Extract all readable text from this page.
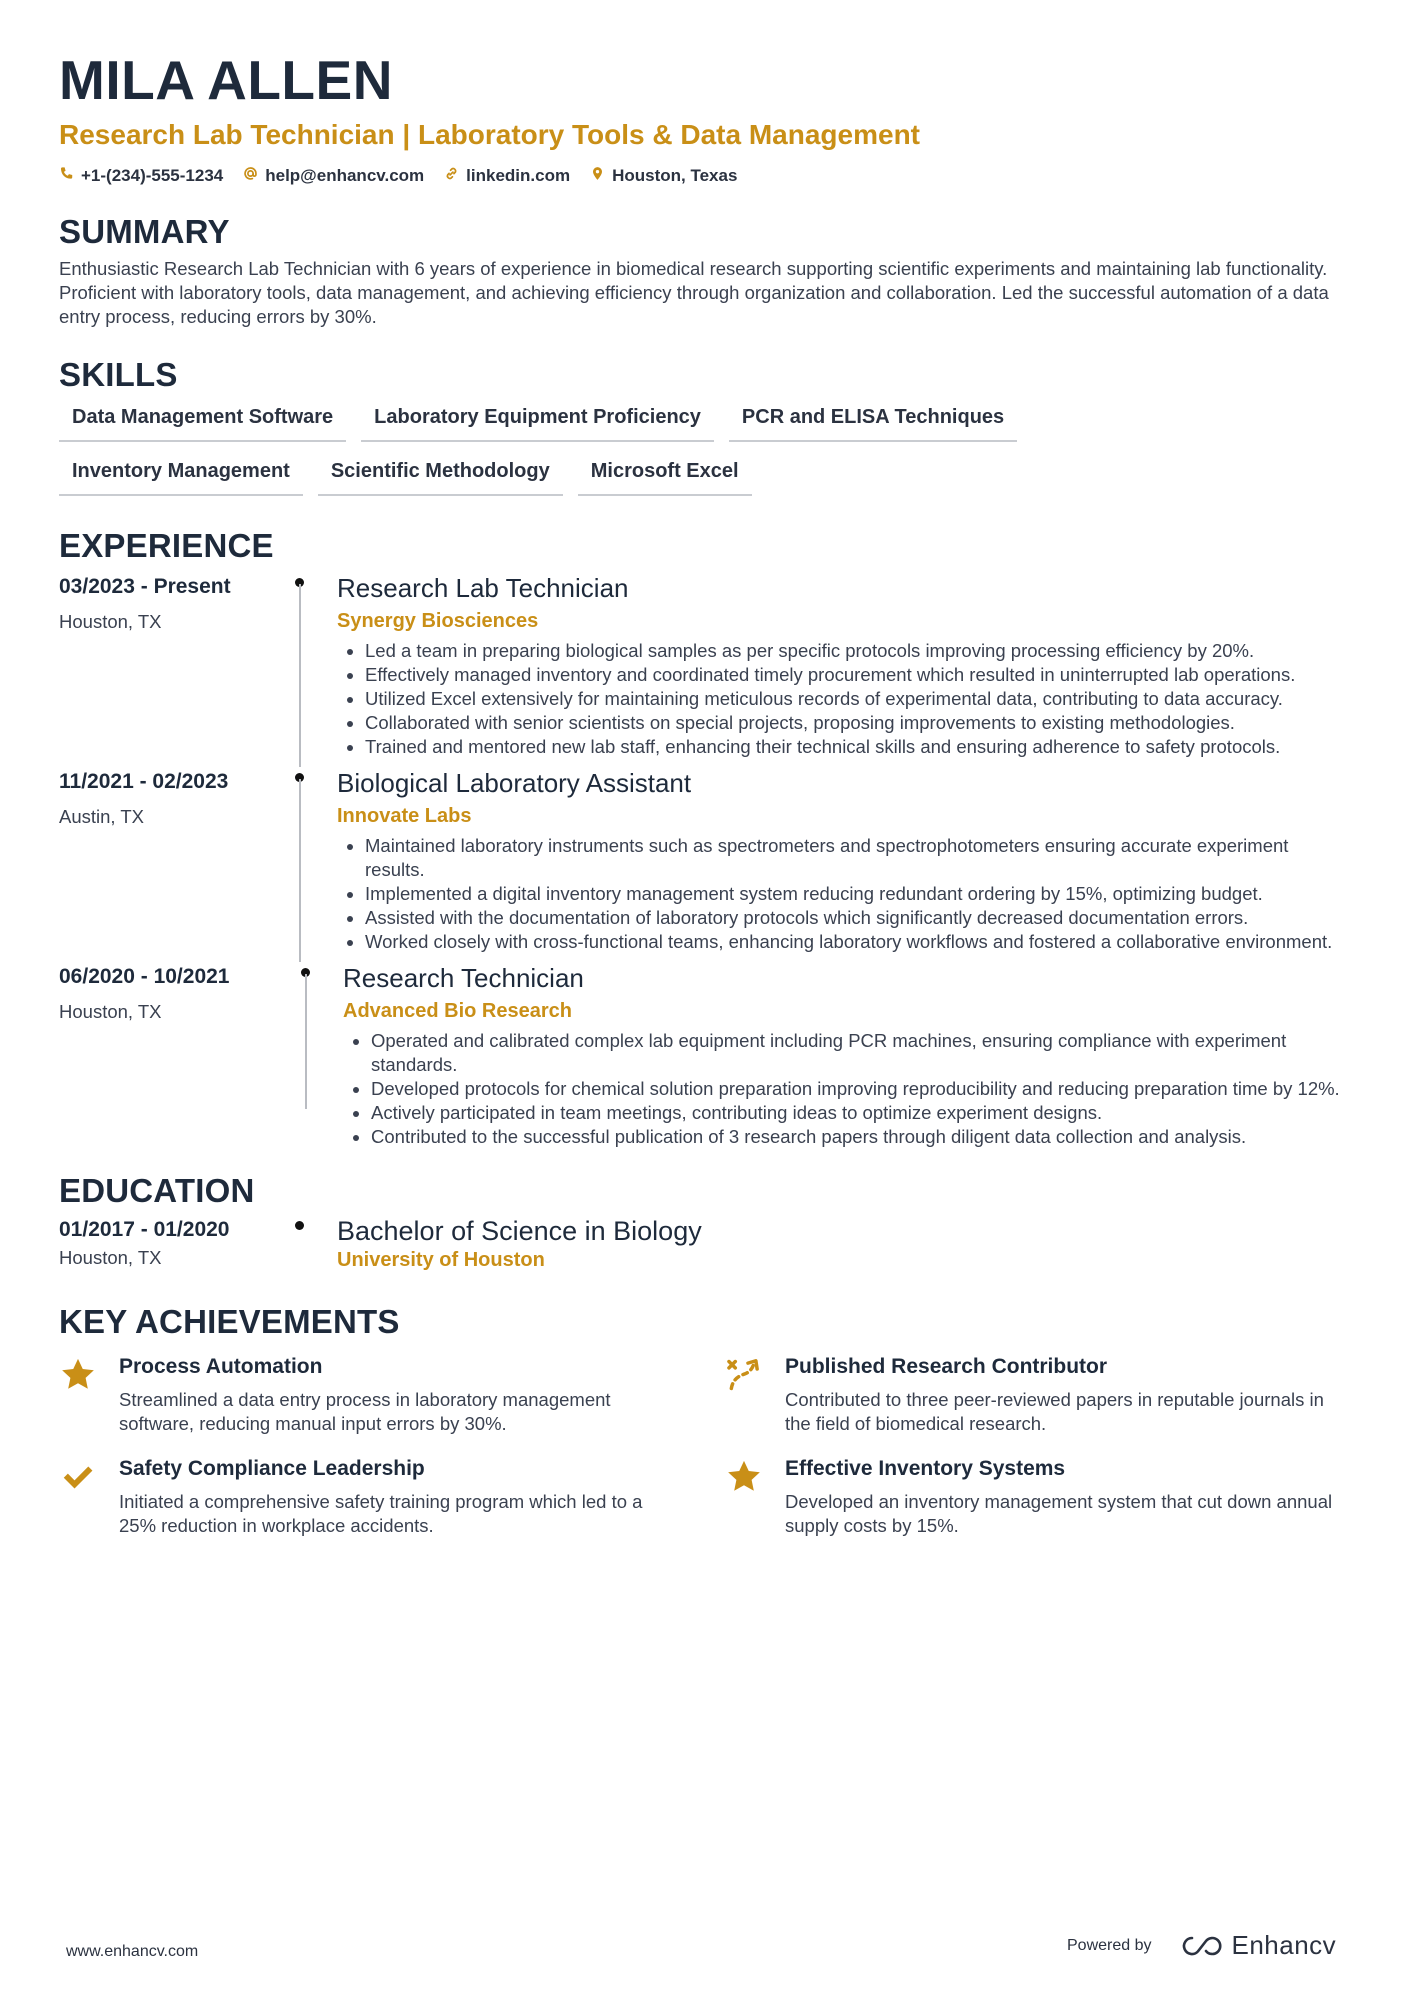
MILA ALLEN
Research Lab Technician | Laboratory Tools & Data Management
+1-(234)-555-1234 help@enhancv.com linkedin.com Houston, Texas
SUMMARY
Enthusiastic Research Lab Technician with 6 years of experience in biomedical research supporting scientific experiments and maintaining lab functionality. Proficient with laboratory tools, data management, and achieving efficiency through organization and collaboration. Led the successful automation of a data entry process, reducing errors by 30%.
SKILLS
Data Management Software	Laboratory Equipment Proficiency	PCR and ELISA Techniques
Inventory Management	Scientific Methodology	Microsoft Excel
EXPERIENCE
03/2023 - Present
Houston, TX
Research Lab Technician
Synergy Biosciences
• Led a team in preparing biological samples as per specific protocols improving processing efficiency by 20%.
• Effectively managed inventory and coordinated timely procurement which resulted in uninterrupted lab operations.
• Utilized Excel extensively for maintaining meticulous records of experimental data, contributing to data accuracy.
• Collaborated with senior scientists on special projects, proposing improvements to existing methodologies.
• Trained and mentored new lab staff, enhancing their technical skills and ensuring adherence to safety protocols.
11/2021 - 02/2023
Austin, TX
Biological Laboratory Assistant
Innovate Labs
• Maintained laboratory instruments such as spectrometers and spectrophotometers ensuring accurate experiment results.
• Implemented a digital inventory management system reducing redundant ordering by 15%, optimizing budget.
• Assisted with the documentation of laboratory protocols which significantly decreased documentation errors.
• Worked closely with cross-functional teams, enhancing laboratory workflows and fostered a collaborative environment.
06/2020 - 10/2021
Houston, TX
Research Technician
Advanced Bio Research
• Operated and calibrated complex lab equipment including PCR machines, ensuring compliance with experiment standards.
• Developed protocols for chemical solution preparation improving reproducibility and reducing preparation time by 12%.
• Actively participated in team meetings, contributing ideas to optimize experiment designs.
• Contributed to the successful publication of 3 research papers through diligent data collection and analysis.
EDUCATION
01/2017 - 01/2020
Houston, TX
Bachelor of Science in Biology
University of Houston
KEY ACHIEVEMENTS
Process Automation
Streamlined a data entry process in laboratory management software, reducing manual input errors by 30%.
Published Research Contributor
Contributed to three peer-reviewed papers in reputable journals in the field of biomedical research.
Safety Compliance Leadership
Initiated a comprehensive safety training program which led to a 25% reduction in workplace accidents.
Effective Inventory Systems
Developed an inventory management system that cut down annual supply costs by 15%.
www.enhancv.com	Powered by	Enhancv
